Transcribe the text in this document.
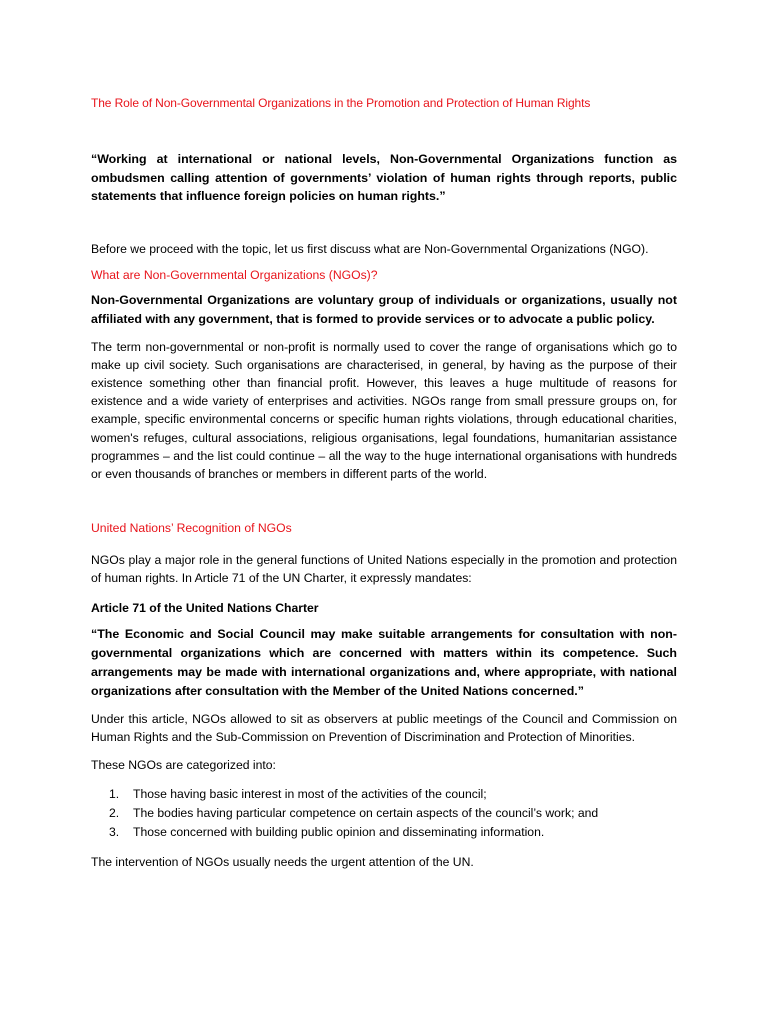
The Role of Non-Governmental Organizations in the Promotion and Protection of Human Rights

“Working at international or national levels, Non-Governmental Organizations function as ombudsmen calling attention of governments’ violation of human rights through reports, public statements that influence foreign policies on human rights.”

Before we proceed with the topic, let us first discuss what are Non-Governmental Organizations (NGO).

What are Non-Governmental Organizations (NGOs)?

Non-Governmental Organizations are voluntary group of individuals or organizations, usually not affiliated with any government, that is formed to provide services or to advocate a public policy.

The term non-governmental or non-profit is normally used to cover the range of organisations which go to make up civil society. Such organisations are characterised, in general, by having as the purpose of their existence something other than financial profit. However, this leaves a huge multitude of reasons for existence and a wide variety of enterprises and activities. NGOs range from small pressure groups on, for example, specific environmental concerns or specific human rights violations, through educational charities, women's refuges, cultural associations, religious organisations, legal foundations, humanitarian assistance programmes – and the list could continue – all the way to the huge international organisations with hundreds or even thousands of branches or members in different parts of the world.

United Nations’ Recognition of NGOs

NGOs play a major role in the general functions of United Nations especially in the promotion and protection of human rights. In Article 71 of the UN Charter, it expressly mandates:

Article 71 of the United Nations Charter

“The Economic and Social Council may make suitable arrangements for consultation with non-governmental organizations which are concerned with matters within its competence. Such arrangements may be made with international organizations and, where appropriate, with national organizations after consultation with the Member of the United Nations concerned.”

Under this article, NGOs allowed to sit as observers at public meetings of the Council and Commission on Human Rights and the Sub-Commission on Prevention of Discrimination and Protection of Minorities.

These NGOs are categorized into:

1.	Those having basic interest in most of the activities of the council;
2.	The bodies having particular competence on certain aspects of the council’s work; and
3.	Those concerned with building public opinion and disseminating information.

The intervention of NGOs usually needs the urgent attention of the UN.
